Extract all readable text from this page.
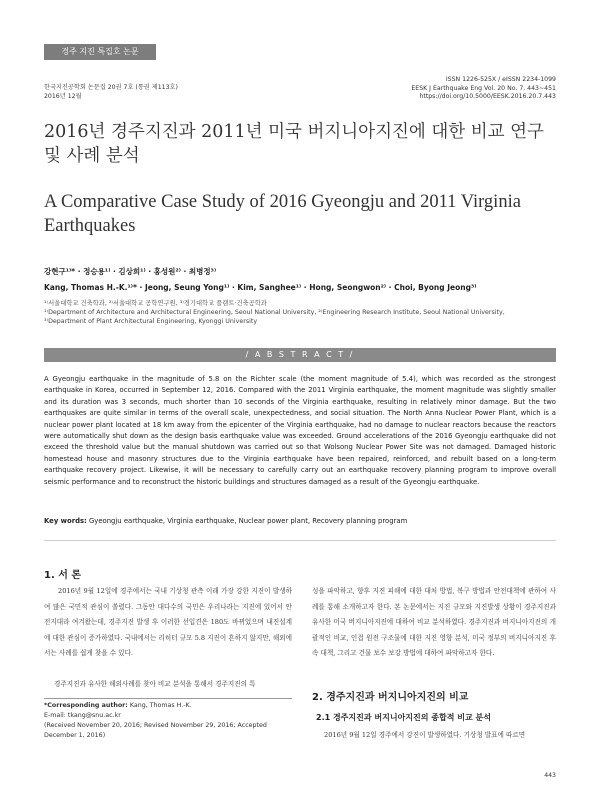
경주 지진 특집호 논문
한국지진공학회 논문집 20권 7호 (통권 제113호)
2016년 12월
ISSN 1226-525X / eISSN 2234-1099
EESK J Earthquake Eng Vol. 20 No. 7. 443~451
https://doi.org/10.5000/EESK.2016.20.7.443
2016년 경주지진과 2011년 미국 버지니아지진에 대한 비교 연구 및 사례 분석
A Comparative Case Study of 2016 Gyeongju and 2011 Virginia Earthquakes
강현구¹⁾* · 정승용¹⁾ · 김상희¹⁾ · 홍성원²⁾ · 최병정³⁾
Kang, Thomas H.-K.¹⁾* · Jeong, Seung Yong¹⁾ · Kim, Sanghee¹⁾ · Hong, Seongwon²⁾ · Choi, Byong Jeong³⁾
¹⁾서울대학교 건축학과, ²⁾서울대학교 공학연구원, ³⁾경기대학교 플랜트·건축공학과
¹⁾Department of Architecture and Architectural Engineering, Seoul National University, ²⁾Engineering Research Institute, Seoul National University,
³⁾Department of Plant Architectural Engineering, Kyonggi University
/ A B S T R A C T /
A Gyeongju earthquake in the magnitude of 5.8 on the Richter scale (the moment magnitude of 5.4), which was recorded as the strongest earthquake in Korea, occurred in September 12, 2016. Compared with the 2011 Virginia earthquake, the moment magnitude was slightly smaller and its duration was 3 seconds, much shorter than 10 seconds of the Virginia earthquake, resulting in relatively minor damage. But the two earthquakes are quite similar in terms of the overall scale, unexpectedness, and social situation. The North Anna Nuclear Power Plant, which is a nuclear power plant located at 18 km away from the epicenter of the Virginia earthquake, had no damage to nuclear reactors because the reactors were automatically shut down as the design basis earthquake value was exceeded. Ground accelerations of the 2016 Gyeongju earthquake did not exceed the threshold value but the manual shutdown was carried out so that Wolsong Nuclear Power Site was not damaged. Damaged historic homestead house and masonry structures due to the Virginia earthquake have been repaired, reinforced, and rebuilt based on a long-term earthquake recovery project. Likewise, it will be necessary to carefully carry out an earthquake recovery planning program to improve overall seismic performance and to reconstruct the historic buildings and structures damaged as a result of the Gyeongju earthquake.
Key words: Gyeongju earthquake, Virginia earthquake, Nuclear power plant, Recovery planning program
1. 서 론
2016년 9월 12일에 경주에서는 국내 기상청 관측 이래 가장 강한 지진이 발생하여 많은 국민적 관심이 쏠렸다. 그동안 대다수의 국민은 우리나라는 지진에 있어서 안전지대라 여겨왔는데, 경주지진 발생 후 이러한 선입견은 180도 바뀌었으며 내진설계에 대한 관심이 증가하였다. 국내에서는 리히터 규모 5.8 지진이 흔하지 않지만, 해외에서는 사례를 쉽게 찾을 수 있다.
경주지진과 유사한 해외사례를 찾아 비교 분석을 통해서 경주지진의 특
*Corresponding author: Kang, Thomas H.-K.
E-mail: tkang@snu.ac.kr
(Received November 20, 2016; Revised November 29, 2016; Accepted December 1, 2016)
성을 파악하고, 향후 지진 피해에 대한 대처 방법, 복구 방법과 안전대책에 관하여 사례를 통해 소개하고자 한다. 본 논문에서는 지진 규모와 지진발생 상황이 경주지진과 유사한 미국 버지니아지진에 대하여 비교 분석하였다. 경주지진과 버지니아지진의 개괄적인 비교, 인접 원전 구조물에 대한 지진 영향 분석, 미국 정부의 버지니아지진 후속 대책, 그리고 건물 보수 보강 방법에 대하여 파악하고자 한다.
2. 경주지진과 버지니아지진의 비교
2.1 경주지진과 버지니아지진의 종합적 비교 분석
2016년 9월 12일 경주에서 강진이 발생하였다. 기상청 발표에 따르면
443
